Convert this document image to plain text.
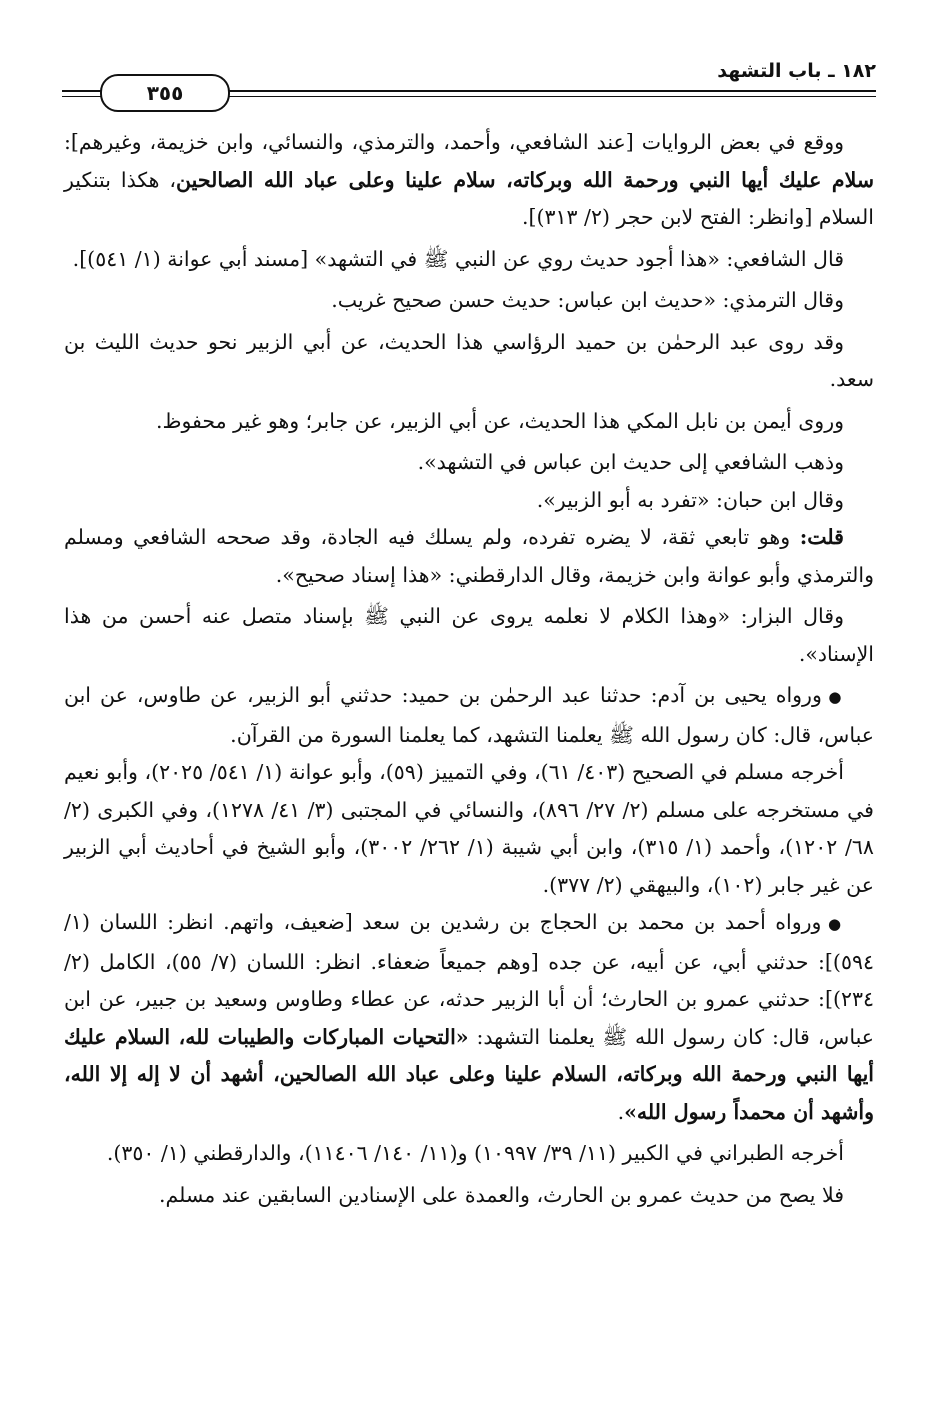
١٨٢ ـ باب التشهد
٣٥٥

ووقع في بعض الروايات [عند الشافعي، وأحمد، والترمذي، والنسائي، وابن خزيمة، وغيرهم]: سلام عليك أيها النبي ورحمة الله وبركاته، سلام علينا وعلى عباد الله الصالحين، هكذا بتنكير السلام [وانظر: الفتح لابن حجر (٢/ ٣١٣)].

قال الشافعي: «هذا أجود حديث روي عن النبي ﷺ في التشهد» [مسند أبي عوانة (١/ ٥٤١)].

وقال الترمذي: «حديث ابن عباس: حديث حسن صحيح غريب.

وقد روى عبد الرحمٰن بن حميد الرؤاسي هذا الحديث، عن أبي الزبير نحو حديث الليث بن سعد.

وروى أيمن بن نابل المكي هذا الحديث، عن أبي الزبير، عن جابر؛ وهو غير محفوظ.

وذهب الشافعي إلى حديث ابن عباس في التشهد».

وقال ابن حبان: «تفرد به أبو الزبير».

قلت: وهو تابعي ثقة، لا يضره تفرده، ولم يسلك فيه الجادة، وقد صححه الشافعي ومسلم والترمذي وأبو عوانة وابن خزيمة، وقال الدارقطني: «هذا إسناد صحيح».

وقال البزار: «وهذا الكلام لا نعلمه يروى عن النبي ﷺ بإسناد متصل عنه أحسن من هذا الإسناد».

● ورواه يحيى بن آدم: حدثنا عبد الرحمٰن بن حميد: حدثني أبو الزبير، عن طاوس، عن ابن عباس، قال: كان رسول الله ﷺ يعلمنا التشهد، كما يعلمنا السورة من القرآن.

أخرجه مسلم في الصحيح (٤٠٣/ ٦١)، وفي التمييز (٥٩)، وأبو عوانة (١/ ٥٤١/ ٢٠٢٥)، وأبو نعيم في مستخرجه على مسلم (٢/ ٢٧/ ٨٩٦)، والنسائي في المجتبى (٣/ ٤١/ ١٢٧٨)، وفي الكبرى (٢/ ٦٨/ ١٢٠٢)، وأحمد (١/ ٣١٥)، وابن أبي شيبة (١/ ٢٦٢/ ٣٠٠٢)، وأبو الشيخ في أحاديث أبي الزبير عن غير جابر (١٠٢)، والبيهقي (٢/ ٣٧٧).

● ورواه أحمد بن محمد بن الحجاج بن رشدين بن سعد [ضعيف، واتهم. انظر: اللسان (١/ ٥٩٤)]: حدثني أبي، عن أبيه، عن جده [وهم جميعاً ضعفاء. انظر: اللسان (٧/ ٥٥)، الكامل (٢/ ٢٣٤)]: حدثني عمرو بن الحارث؛ أن أبا الزبير حدثه، عن عطاء وطاوس وسعيد بن جبير، عن ابن عباس، قال: كان رسول الله ﷺ يعلمنا التشهد: «التحيات المباركات والطيبات لله، السلام عليك أيها النبي ورحمة الله وبركاته، السلام علينا وعلى عباد الله الصالحين، أشهد أن لا إله إلا الله، وأشهد أن محمداً رسول الله».

أخرجه الطبراني في الكبير (١١/ ٣٩/ ١٠٩٩٧) و(١١/ ١٤٠/ ١١٤٠٦)، والدارقطني (١/ ٣٥٠).

فلا يصح من حديث عمرو بن الحارث، والعمدة على الإسنادين السابقين عند مسلم.
